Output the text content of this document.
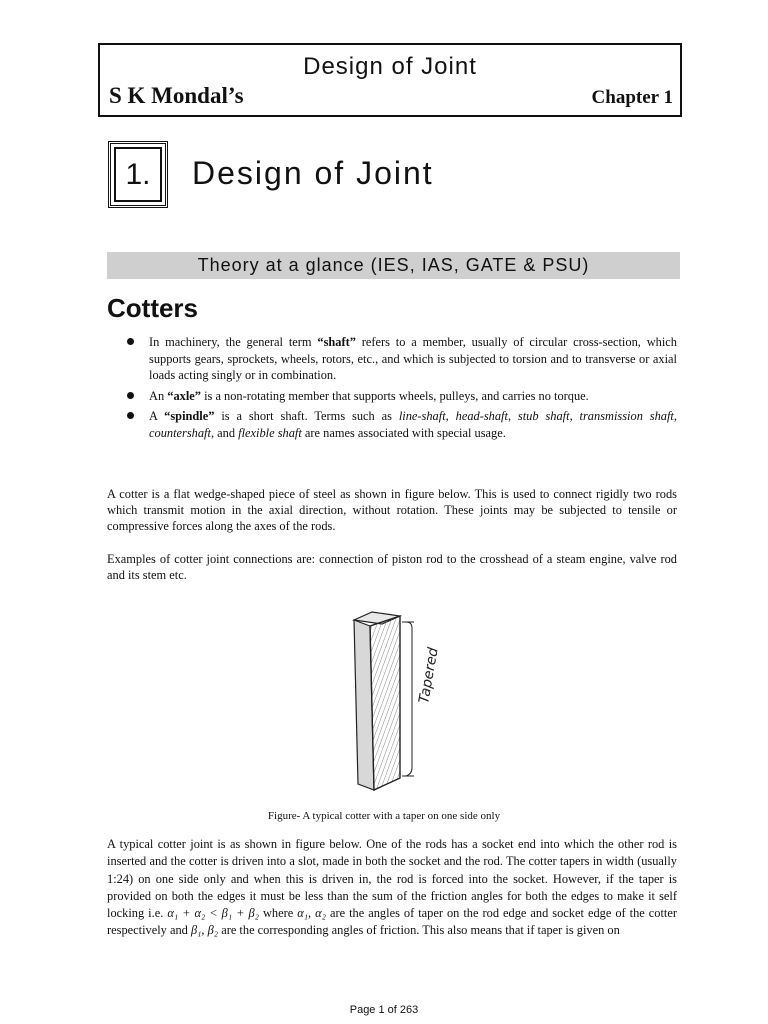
Design of Joint
S K Mondal’s	Chapter 1
1.	Design of Joint
Theory at a glance (IES, IAS, GATE & PSU)
Cotters
In machinery, the general term “shaft” refers to a member, usually of circular cross-section, which supports gears, sprockets, wheels, rotors, etc., and which is subjected to torsion and to transverse or axial loads acting singly or in combination.
An “axle” is a non-rotating member that supports wheels, pulleys, and carries no torque.
A “spindle” is a short shaft. Terms such as line-shaft, head-shaft, stub shaft, transmission shaft, countershaft, and flexible shaft are names associated with special usage.

A cotter is a flat wedge-shaped piece of steel as shown in figure below. This is used to connect rigidly two rods which transmit motion in the axial direction, without rotation. These joints may be subjected to tensile or compressive forces along the axes of the rods.

Examples of cotter joint connections are: connection of piston rod to the crosshead of a steam engine, valve rod and its stem etc.

Tapered
Figure- A typical cotter with a taper on one side only

A typical cotter joint is as shown in figure below. One of the rods has a socket end into which the other rod is inserted and the cotter is driven into a slot, made in both the socket and the rod. The cotter tapers in width (usually 1:24) on one side only and when this is driven in, the rod is forced into the socket. However, if the taper is provided on both the edges it must be less than the sum of the friction angles for both the edges to make it self locking i.e. α₁ + α₂ < β₁ + β₂ where α₁, α₂ are the angles of taper on the rod edge and socket edge of the cotter respectively and β₁, β₂ are the corresponding angles of friction. This also means that if taper is given on

Page 1 of 263
